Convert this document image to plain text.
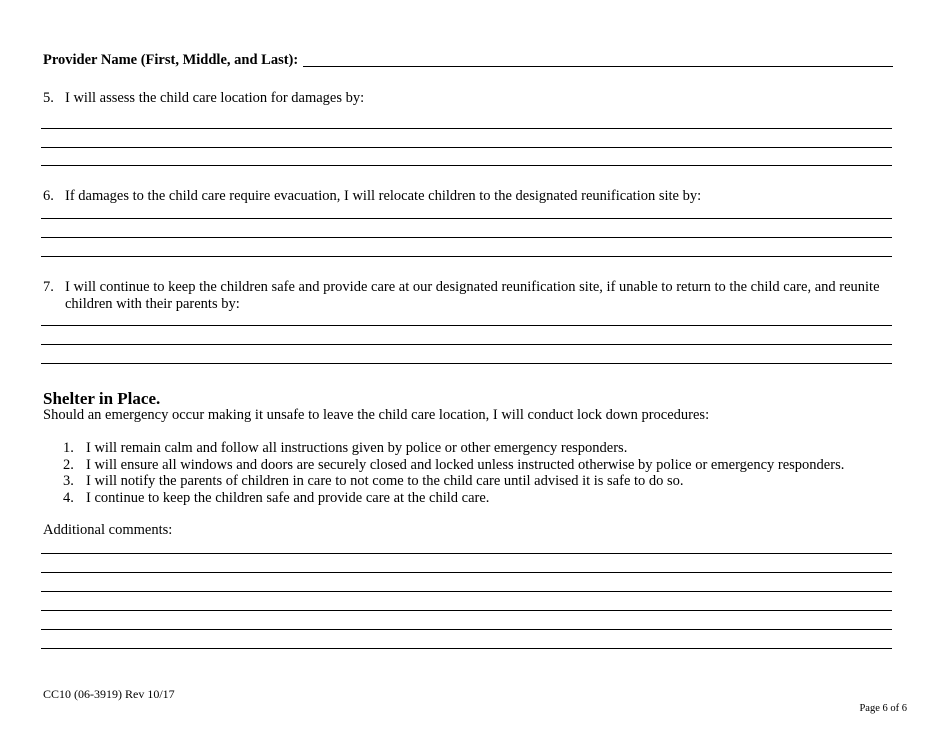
Provider Name (First, Middle, and Last):
5. I will assess the child care location for damages by:
6. If damages to the child care require evacuation, I will relocate children to the designated reunification site by:
7. I will continue to keep the children safe and provide care at our designated reunification site, if unable to return to the child care, and reunite children with their parents by:
Shelter in Place.
Should an emergency occur making it unsafe to leave the child care location, I will conduct lock down procedures:
1. I will remain calm and follow all instructions given by police or other emergency responders.
2. I will ensure all windows and doors are securely closed and locked unless instructed otherwise by police or emergency responders.
3. I will notify the parents of children in care to not come to the child care until advised it is safe to do so.
4. I continue to keep the children safe and provide care at the child care.
Additional comments:
CC10 (06-3919) Rev 10/17
Page 6 of 6
